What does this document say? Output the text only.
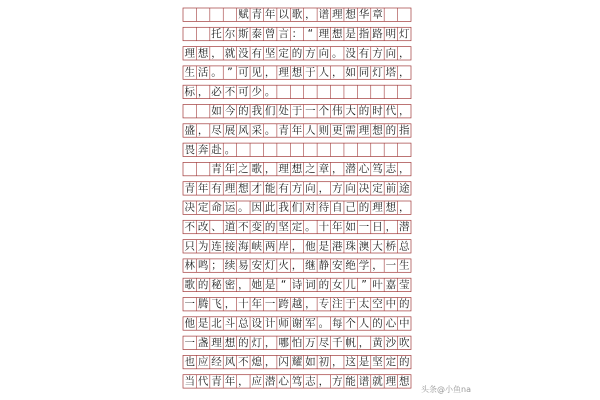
赋 青 年 以 歌 ， 谱 理 想 华 章
托 尔 斯 泰 曾 言 ： “ 理 想 是 指 路 明 灯
理 想 ， 就 没 有 坚 定 的 方 向 。 没 有 方 向 ，
生 活 。 ” 可 见 ， 理 想 于 人 ， 如 同 灯 塔 ，
标 ， 必 不 可 少 。
如 今 的 我 们 处 于 一 个 伟 大 的 时 代 ，
盛 ， 尽 展 风 采 。 青 年 人 则 更 需 理 想 的 指
畏 奔 赴 。
青 年 之 歌 ， 理 想 之 章 ， 潜 心 笃 志 ，
青 年 有 理 想 才 能 有 方 向 ， 方 向 决 定 前 途
决 定 命 运 。 因 此 我 们 对 待 自 己 的 理 想 ，
不 改 、 道 不 变 的 坚 定 。 十 年 如 一 日 ， 潜
只 为 连 接 海 峡 两 岸 ， 他 是 港 珠 澳 大 桥 总
林 鸣 ； 续 易 安 灯 火 ， 继 静 安 绝 学 ， 一 生
歌 的 秘 密 ， 她 是 “ 诗 词 的 女 儿 ” 叶 嘉 莹
一 腾 飞 ， 十 年 一 跨 越 ， 专 注 于 太 空 中 的
他 是 北 斗 总 设 计 师 谢 军 。 每 个 人 的 心 中
一 盏 理 想 的 灯 ， 哪 怕 万 尽 千 帆 ， 黄 沙 吹
也 应 经 风 不 熄 ， 闪 耀 如 初 ， 这 是 坚 定 的
当 代 青 年 ， 应 潜 心 笃 志 ， 方 能 谱 就 理 想
头条@小鱼na
